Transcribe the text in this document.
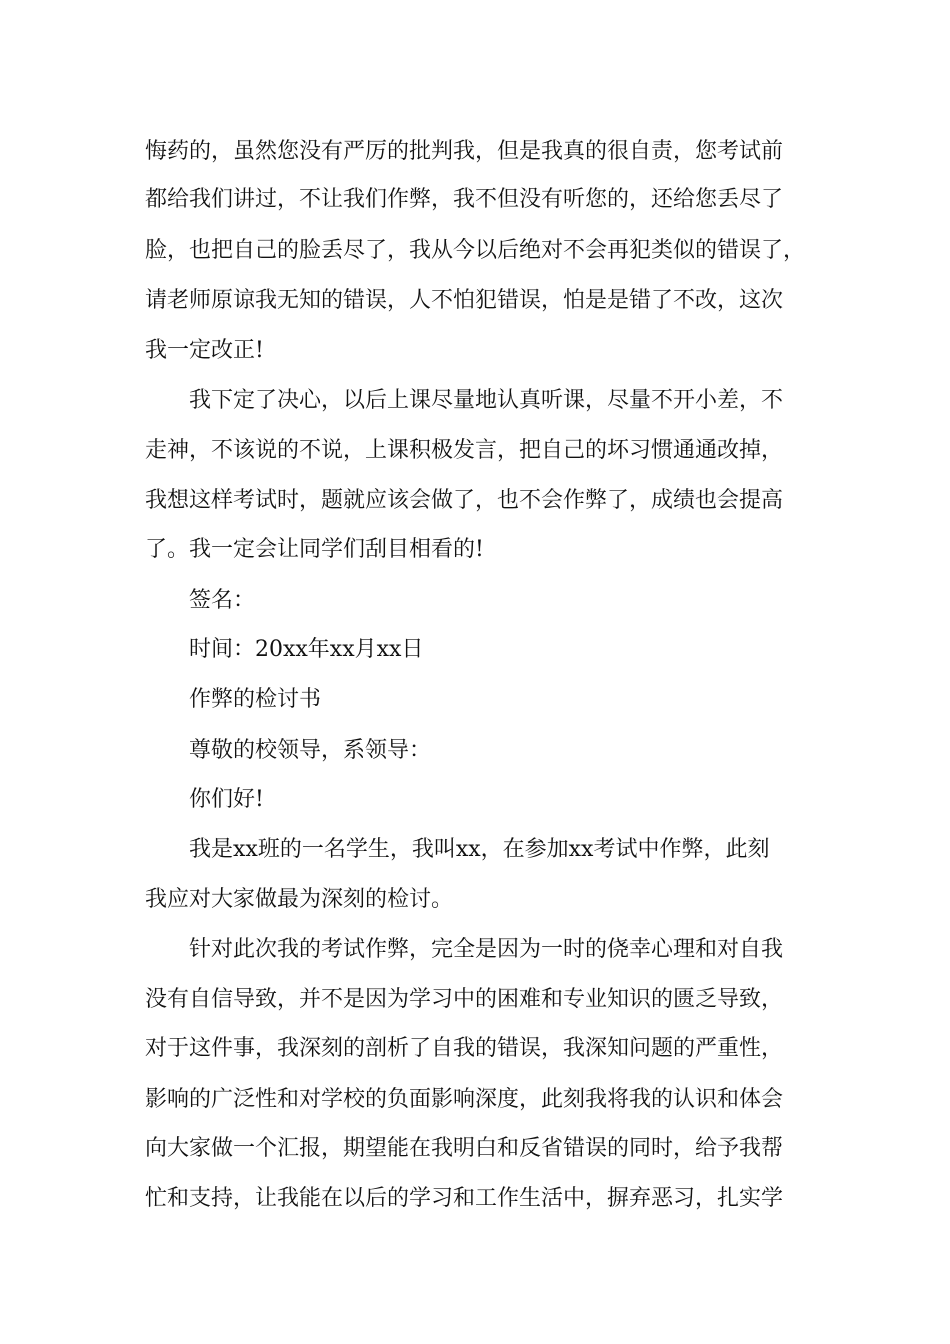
悔药的，虽然您没有严厉的批判我，但是我真的很自责，您考试前
都给我们讲过，不让我们作弊，我不但没有听您的，还给您丢尽了
脸，也把自己的脸丢尽了，我从今以后绝对不会再犯类似的错误了，
请老师原谅我无知的错误，人不怕犯错误，怕是是错了不改，这次
我一定改正!
我下定了决心，以后上课尽量地认真听课，尽量不开小差，不
走神，不该说的不说，上课积极发言，把自己的坏习惯通通改掉，
我想这样考试时，题就应该会做了，也不会作弊了，成绩也会提高
了。我一定会让同学们刮目相看的!
签名：
时间：20xx年xx月xx日
作弊的检讨书
尊敬的校领导，系领导：
你们好!
我是xx班的一名学生，我叫xx，在参加xx考试中作弊，此刻
我应对大家做最为深刻的检讨。
针对此次我的考试作弊，完全是因为一时的侥幸心理和对自我
没有自信导致，并不是因为学习中的困难和专业知识的匮乏导致，
对于这件事，我深刻的剖析了自我的错误，我深知问题的严重性，
影响的广泛性和对学校的负面影响深度，此刻我将我的认识和体会
向大家做一个汇报，期望能在我明白和反省错误的同时，给予我帮
忙和支持，让我能在以后的学习和工作生活中，摒弃恶习，扎实学
